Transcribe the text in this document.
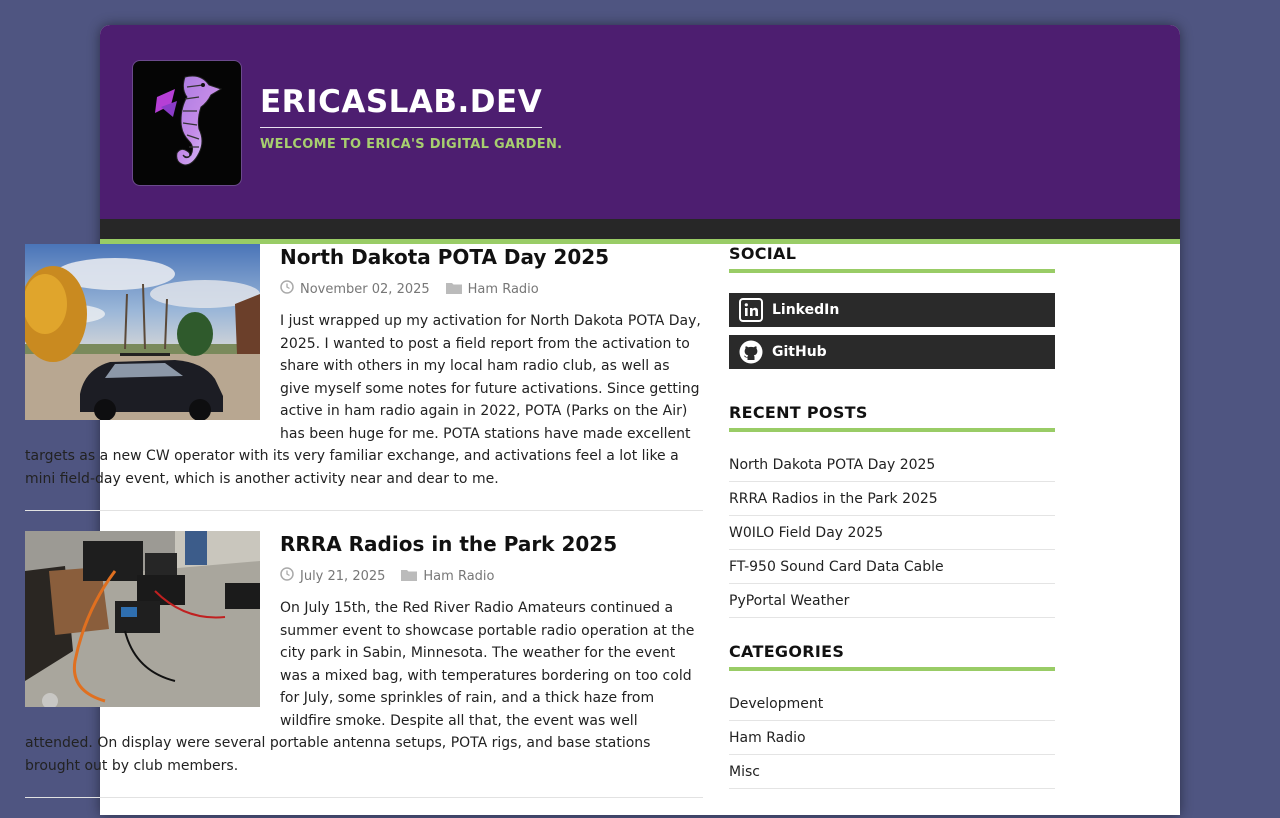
ERICASLAB.DEV
WELCOME TO ERICA'S DIGITAL GARDEN.
North Dakota POTA Day 2025
November 02, 2025	Ham Radio

I just wrapped up my activation for North Dakota POTA Day, 2025. I wanted to post a field report from the activation to share with others in my local ham radio club, as well as give myself some notes for future activations. Since getting active in ham radio again in 2022, POTA (Parks on the Air) has been huge for me. POTA stations have made excellent targets as a new CW operator with its very familiar exchange, and activations feel a lot like a mini field-day event, which is another activity near and dear to me.

RRRA Radios in the Park 2025
July 21, 2025	Ham Radio

On July 15th, the Red River Radio Amateurs continued a summer event to showcase portable radio operation at the city park in Sabin, Minnesota. The weather for the event was a mixed bag, with temperatures bordering on too cold for July, some sprinkles of rain, and a thick haze from wildfire smoke. Despite all that, the event was well attended. On display were several portable antenna setups, POTA rigs, and base stations brought out by club members.

SOCIAL
LinkedIn
GitHub
RECENT POSTS
North Dakota POTA Day 2025
RRRA Radios in the Park 2025
W0ILO Field Day 2025
FT-950 Sound Card Data Cable
PyPortal Weather
CATEGORIES
Development
Ham Radio
Misc
